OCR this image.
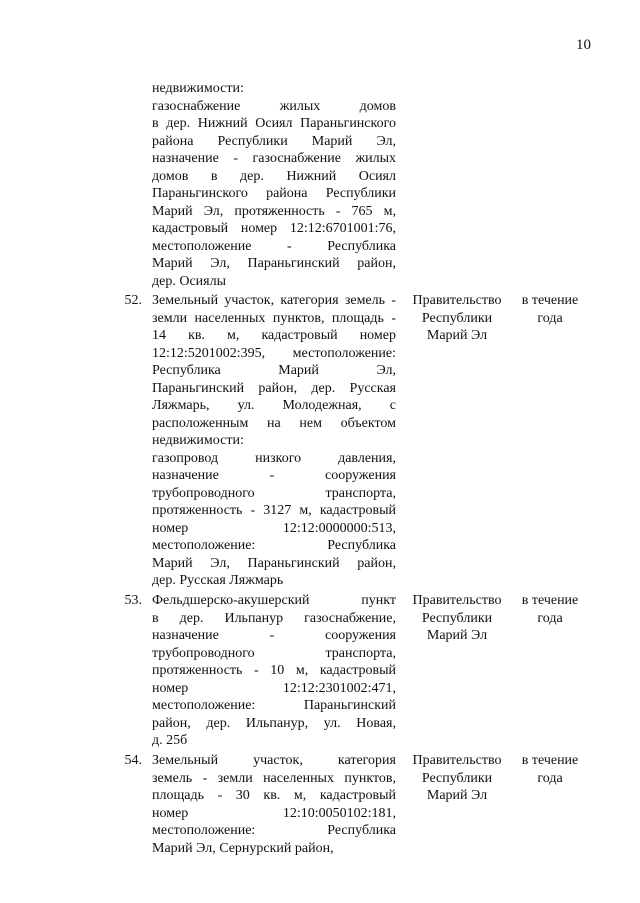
10
недвижимости:
газоснабжение жилых домов
в дер. Нижний Осиял Параньгинского
района Республики Марий Эл,
назначение - газоснабжение жилых
домов в дер. Нижний Осиял
Параньгинского района Республики
Марий Эл, протяженность - 765 м,
кадастровый номер 12:12:6701001:76,
местоположение - Республика
Марий Эл, Параньгинский район,
дер. Осиялы
52. Земельный участок, категория земель -
земли населенных пунктов, площадь -
14 кв. м, кадастровый номер
12:12:5201002:395, местоположение:
Республика Марий Эл,
Параньгинский район, дер. Русская
Ляжмарь, ул. Молодежная, с
расположенным на нем объектом
недвижимости:
газопровод низкого давления,
назначение - сооружения
трубопроводного транспорта,
протяженность - 3127 м, кадастровый
номер 12:12:0000000:513,
местоположение: Республика
Марий Эл, Параньгинский район,
дер. Русская Ляжмарь
Правительство
Республики
Марий Эл
в течение
года
53. Фельдшерско-акушерский пункт
в дер. Ильпанур газоснабжение,
назначение - сооружения
трубопроводного транспорта,
протяженность - 10 м, кадастровый
номер 12:12:2301002:471,
местоположение: Параньгинский
район, дер. Ильпанур, ул. Новая,
д. 25б
Правительство
Республики
Марий Эл
в течение
года
54. Земельный участок, категория
земель - земли населенных пунктов,
площадь - 30 кв. м, кадастровый
номер 12:10:0050102:181,
местоположение: Республика
Марий Эл, Сернурский район,
Правительство
Республики
Марий Эл
в течение
года
